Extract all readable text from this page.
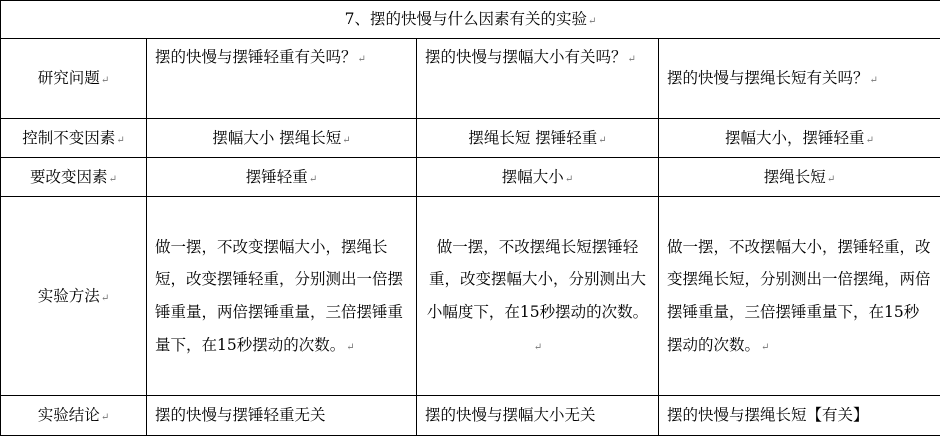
7、摆的快慢与什么因素有关的实验↵			
研究问题↵	摆的快慢与摆锤轻重有关吗？↵	摆的快慢与摆幅大小有关吗？↵	摆的快慢与摆绳长短有关吗？↵
控制不变因素↵	摆幅大小 摆绳长短↵	摆绳长短 摆锤轻重↵	摆幅大小，摆锤轻重↵
要改变因素↵	摆锤轻重↵	摆幅大小↵	摆绳长短↵
实验方法↵	做一摆，不改变摆幅大小，摆绳长短，改变摆锤轻重，分别测出一倍摆锤重量，两倍摆锤重量，三倍摆锤重量下，在15秒摆动的次数。↵	做一摆，不改摆绳长短摆锤轻重，改变摆幅大小，分别测出大小幅度下，在15秒摆动的次数。↵	做一摆，不改摆幅大小，摆锤轻重，改变摆绳长短，分别测出一倍摆绳，两倍摆锤重量，三倍摆锤重量下，在15秒摆动的次数。↵
实验结论↵	摆的快慢与摆锤轻重无关	摆的快慢与摆幅大小无关	摆的快慢与摆绳长短【有关】
